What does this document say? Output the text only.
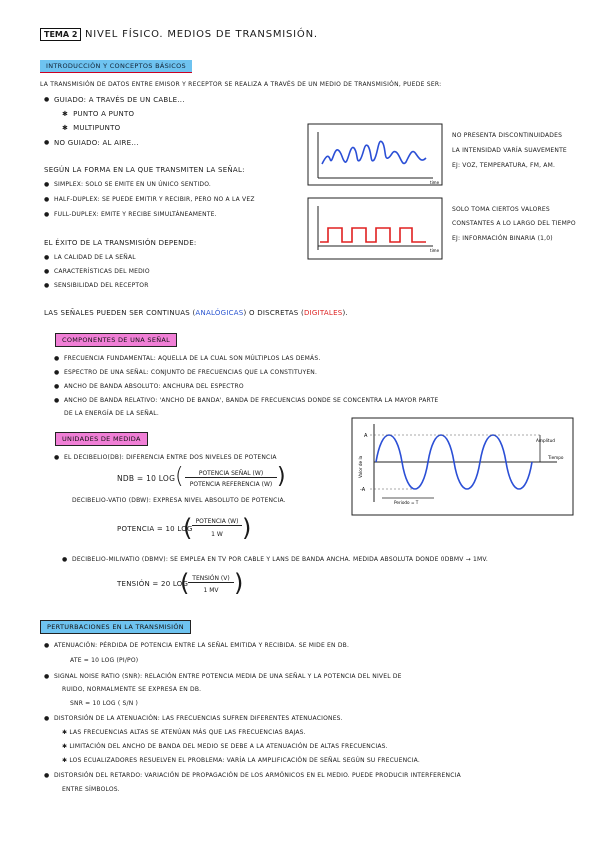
TEMA 2 NIVEL FÍSICO. MEDIOS DE TRANSMISIÓN.
INTRODUCCIÓN Y CONCEPTOS BÁSICOS
LA TRANSMISIÓN DE DATOS ENTRE EMISOR Y RECEPTOR SE REALIZA A TRAVÉS DE UN MEDIO DE TRANSMISIÓN, PUEDE SER:
● GUIADO: A TRAVÉS DE UN CABLE...
✱  PUNTO A PUNTO
✱  MULTIPUNTO
● NO GUIADO: AL AIRE...
SEGÚN LA FORMA EN LA QUE TRANSMITEN LA SEÑAL:
● SIMPLEX: SOLO SE EMITE EN UN ÚNICO SENTIDO.
● HALF-DUPLEX: SE PUEDE EMITIR Y RECIBIR, PERO NO A LA VEZ
● FULL-DUPLEX: EMITE Y RECIBE SIMULTÁNEAMENTE.
EL ÉXITO DE LA TRANSMISIÓN DEPENDE:
● LA CALIDAD DE LA SEÑAL
● CARACTERÍSTICAS DEL MEDIO
● SENSIBILIDAD DEL RECEPTOR
time
NO PRESENTA DISCONTINUIDADES
LA INTENSIDAD VARÍA SUAVEMENTE
EJ: VOZ, TEMPERATURA, FM, AM.
time
SOLO TOMA CIERTOS VALORES
CONSTANTES A LO LARGO DEL TIEMPO
EJ: INFORMACIÓN BINARIA (1,0)
LAS SEÑALES PUEDEN SER CONTINUAS (ANALÓGICAS) O DISCRETAS (DIGITALES).
COMPONENTES DE UNA SEÑAL
● FRECUENCIA FUNDAMENTAL: AQUELLA DE LA CUAL SON MÚLTIPLOS LAS DEMÁS.
● ESPECTRO DE UNA SEÑAL: CONJUNTO DE FRECUENCIAS QUE LA CONSTITUYEN.
● ANCHO DE BANDA ABSOLUTO: ANCHURA DEL ESPECTRO
● ANCHO DE BANDA RELATIVO: 'ANCHO DE BANDA', BANDA DE FRECUENCIAS DONDE SE CONCENTRA LA MAYOR PARTE
DE LA ENERGÍA DE LA SEÑAL.
UNIDADES DE MEDIDA
● EL DECIBELIO(DB): DIFERENCIA ENTRE DOS NIVELES DE POTENCIA
NDB = 10 LOG (	POTENCIA SEÑAL (W)
POTENCIA REFERENCIA (W) )
DECIBELIO-VATIO (DBW): EXPRESA NIVEL ABSOLUTO DE POTENCIA.
POTENCIA = 10 LOG
( POTENCIA (W)
1 W )
● DECIBELIO-MILIVATIO (DBMV): SE EMPLEA EN TV POR CABLE Y LANS DE BANDA ANCHA. MEDIDA ABSOLUTA DONDE 0DBMV → 1MV.
TENSIÓN = 20 LOG
( TENSIÓN (V)
1 MV )
A
-A
Amplitud
Tiempo
Periodo = T
Valor de la
PERTURBACIONES EN LA TRANSMISIÓN
● ATENUACIÓN: PÉRDIDA DE POTENCIA ENTRE LA SEÑAL EMITIDA Y RECIBIDA. SE MIDE EN DB.
ATE = 10 LOG (PI/PO)
● SIGNAL NOISE RATIO (SNR): RELACIÓN ENTRE POTENCIA MEDIA DE UNA SEÑAL Y LA POTENCIA DEL NIVEL DE
RUIDO, NORMALMENTE SE EXPRESA EN DB.
SNR = 10 LOG ( S/N )
● DISTORSIÓN DE LA ATENUACIÓN: LAS FRECUENCIAS SUFREN DIFERENTES ATENUACIONES.
✱ LAS FRECUENCIAS ALTAS SE ATENÚAN MÁS QUE LAS FRECUENCIAS BAJAS.
✱ LIMITACIÓN DEL ANCHO DE BANDA DEL MEDIO SE DEBE A LA ATENUACIÓN DE ALTAS FRECUENCIAS.
✱ LOS ECUALIZADORES RESUELVEN EL PROBLEMA: VARÍA LA AMPLIFICACIÓN DE SEÑAL SEGÚN SU FRECUENCIA.
● DISTORSIÓN DEL RETARDO: VARIACIÓN DE PROPAGACIÓN DE LOS ARMÓNICOS EN EL MEDIO. PUEDE PRODUCIR INTERFERENCIA
ENTRE SÍMBOLOS.
